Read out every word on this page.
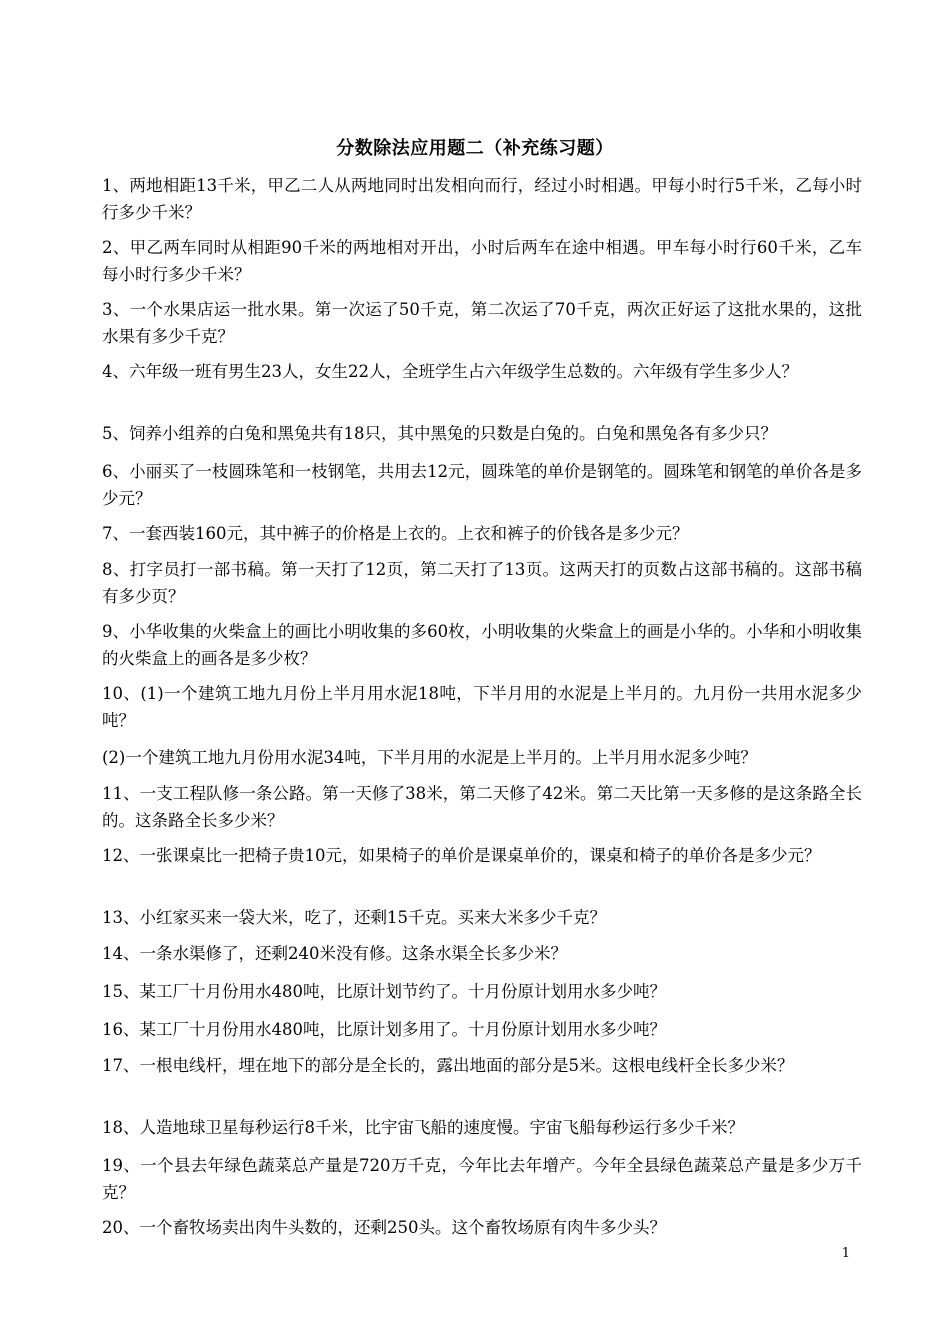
分数除法应用题二（补充练习题）
1、两地相距13千米，甲乙二人从两地同时出发相向而行，经过小时相遇。甲每小时行5千米，乙每小时行多少千米？
2、甲乙两车同时从相距90千米的两地相对开出，小时后两车在途中相遇。甲车每小时行60千米，乙车每小时行多少千米？
3、一个水果店运一批水果。第一次运了50千克，第二次运了70千克，两次正好运了这批水果的，这批水果有多少千克？
4、六年级一班有男生23人，女生22人，全班学生占六年级学生总数的。六年级有学生多少人？
5、饲养小组养的白兔和黑兔共有18只，其中黑兔的只数是白兔的。白兔和黑兔各有多少只？
6、小丽买了一枝圆珠笔和一枝钢笔，共用去12元，圆珠笔的单价是钢笔的。圆珠笔和钢笔的单价各是多少元？
7、一套西装160元，其中裤子的价格是上衣的。上衣和裤子的价钱各是多少元？
8、打字员打一部书稿。第一天打了12页，第二天打了13页。这两天打的页数占这部书稿的。这部书稿有多少页？
9、小华收集的火柴盒上的画比小明收集的多60枚，小明收集的火柴盒上的画是小华的。小华和小明收集的火柴盒上的画各是多少枚？
10、(1)一个建筑工地九月份上半月用水泥18吨，下半月用的水泥是上半月的。九月份一共用水泥多少吨？
(2)一个建筑工地九月份用水泥34吨，下半月用的水泥是上半月的。上半月用水泥多少吨？
11、一支工程队修一条公路。第一天修了38米，第二天修了42米。第二天比第一天多修的是这条路全长的。这条路全长多少米？
12、一张课桌比一把椅子贵10元，如果椅子的单价是课桌单价的，课桌和椅子的单价各是多少元？
13、小红家买来一袋大米，吃了，还剩15千克。买来大米多少千克？
14、一条水渠修了，还剩240米没有修。这条水渠全长多少米？
15、某工厂十月份用水480吨，比原计划节约了。十月份原计划用水多少吨？
16、某工厂十月份用水480吨，比原计划多用了。十月份原计划用水多少吨？
17、一根电线杆，埋在地下的部分是全长的，露出地面的部分是5米。这根电线杆全长多少米？
18、人造地球卫星每秒运行8千米，比宇宙飞船的速度慢。宇宙飞船每秒运行多少千米？
19、一个县去年绿色蔬菜总产量是720万千克，今年比去年增产。今年全县绿色蔬菜总产量是多少万千克？
20、一个畜牧场卖出肉牛头数的，还剩250头。这个畜牧场原有肉牛多少头？
1
